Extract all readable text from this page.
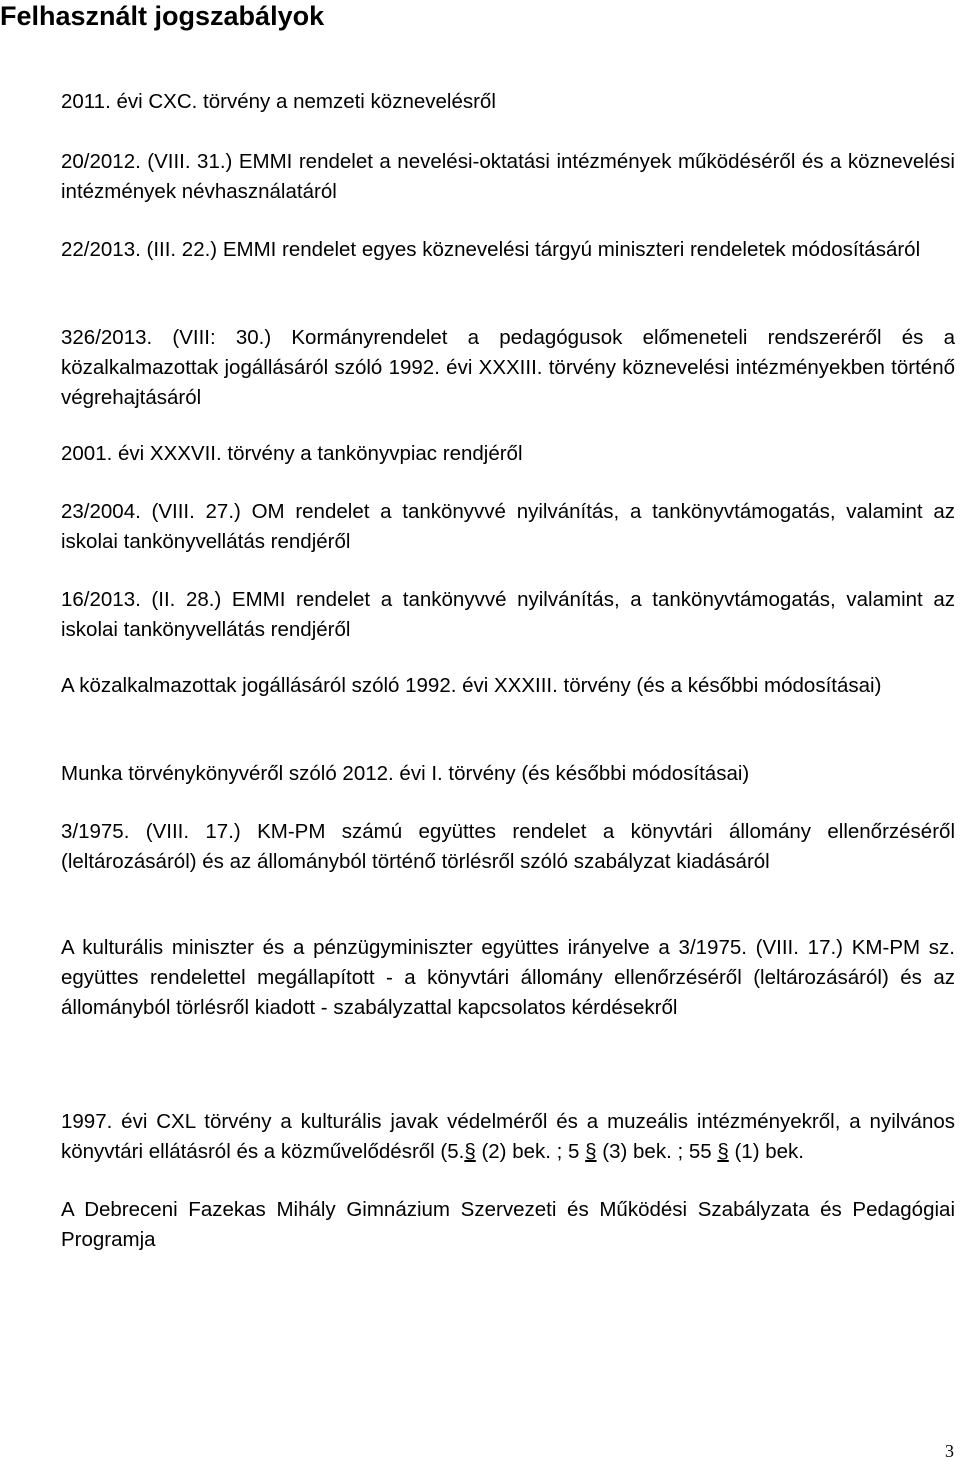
Felhasznált jogszabályok

2011. évi CXC. törvény a nemzeti köznevelésről

20/2012. (VIII. 31.) EMMI rendelet a nevelési-oktatási intézmények működéséről és a köznevelési intézmények névhasználatáról

22/2013. (III. 22.) EMMI rendelet egyes köznevelési tárgyú miniszteri rendeletek módosításáról

326/2013. (VIII: 30.) Kormányrendelet a pedagógusok előmeneteli rendszeréről és a közalkalmazottak jogállásáról szóló 1992. évi XXXIII. törvény köznevelési intézményekben történő végrehajtásáról

2001. évi XXXVII. törvény a tankönyvpiac rendjéről

23/2004. (VIII. 27.) OM rendelet a tankönyvvé nyilvánítás, a tankönyvtámogatás, valamint az iskolai tankönyvellátás rendjéről

16/2013. (II. 28.) EMMI rendelet a tankönyvvé nyilvánítás, a tankönyvtámogatás, valamint az iskolai tankönyvellátás rendjéről

A közalkalmazottak jogállásáról szóló 1992. évi XXXIII. törvény (és a későbbi módosításai)

Munka törvénykönyvéről szóló 2012. évi I. törvény (és későbbi módosításai)

3/1975. (VIII. 17.) KM-PM számú együttes rendelet a könyvtári állomány ellenőrzéséről (leltározásáról) és az állományból történő törlésről szóló szabályzat kiadásáról

A kulturális miniszter és a pénzügyminiszter együttes irányelve a 3/1975. (VIII. 17.) KM-PM sz. együttes rendelettel megállapított - a könyvtári állomány ellenőrzéséről (leltározásáról) és az állományból törlésről kiadott - szabályzattal kapcsolatos kérdésekről

1997. évi CXL törvény a kulturális javak védelméről és a muzeális intézményekről, a nyilvános könyvtári ellátásról és a közművelődésről (5.§ (2) bek. ; 5 § (3) bek. ; 55 § (1) bek.

A Debreceni Fazekas Mihály Gimnázium Szervezeti és Működési Szabályzata és Pedagógiai Programja

3
